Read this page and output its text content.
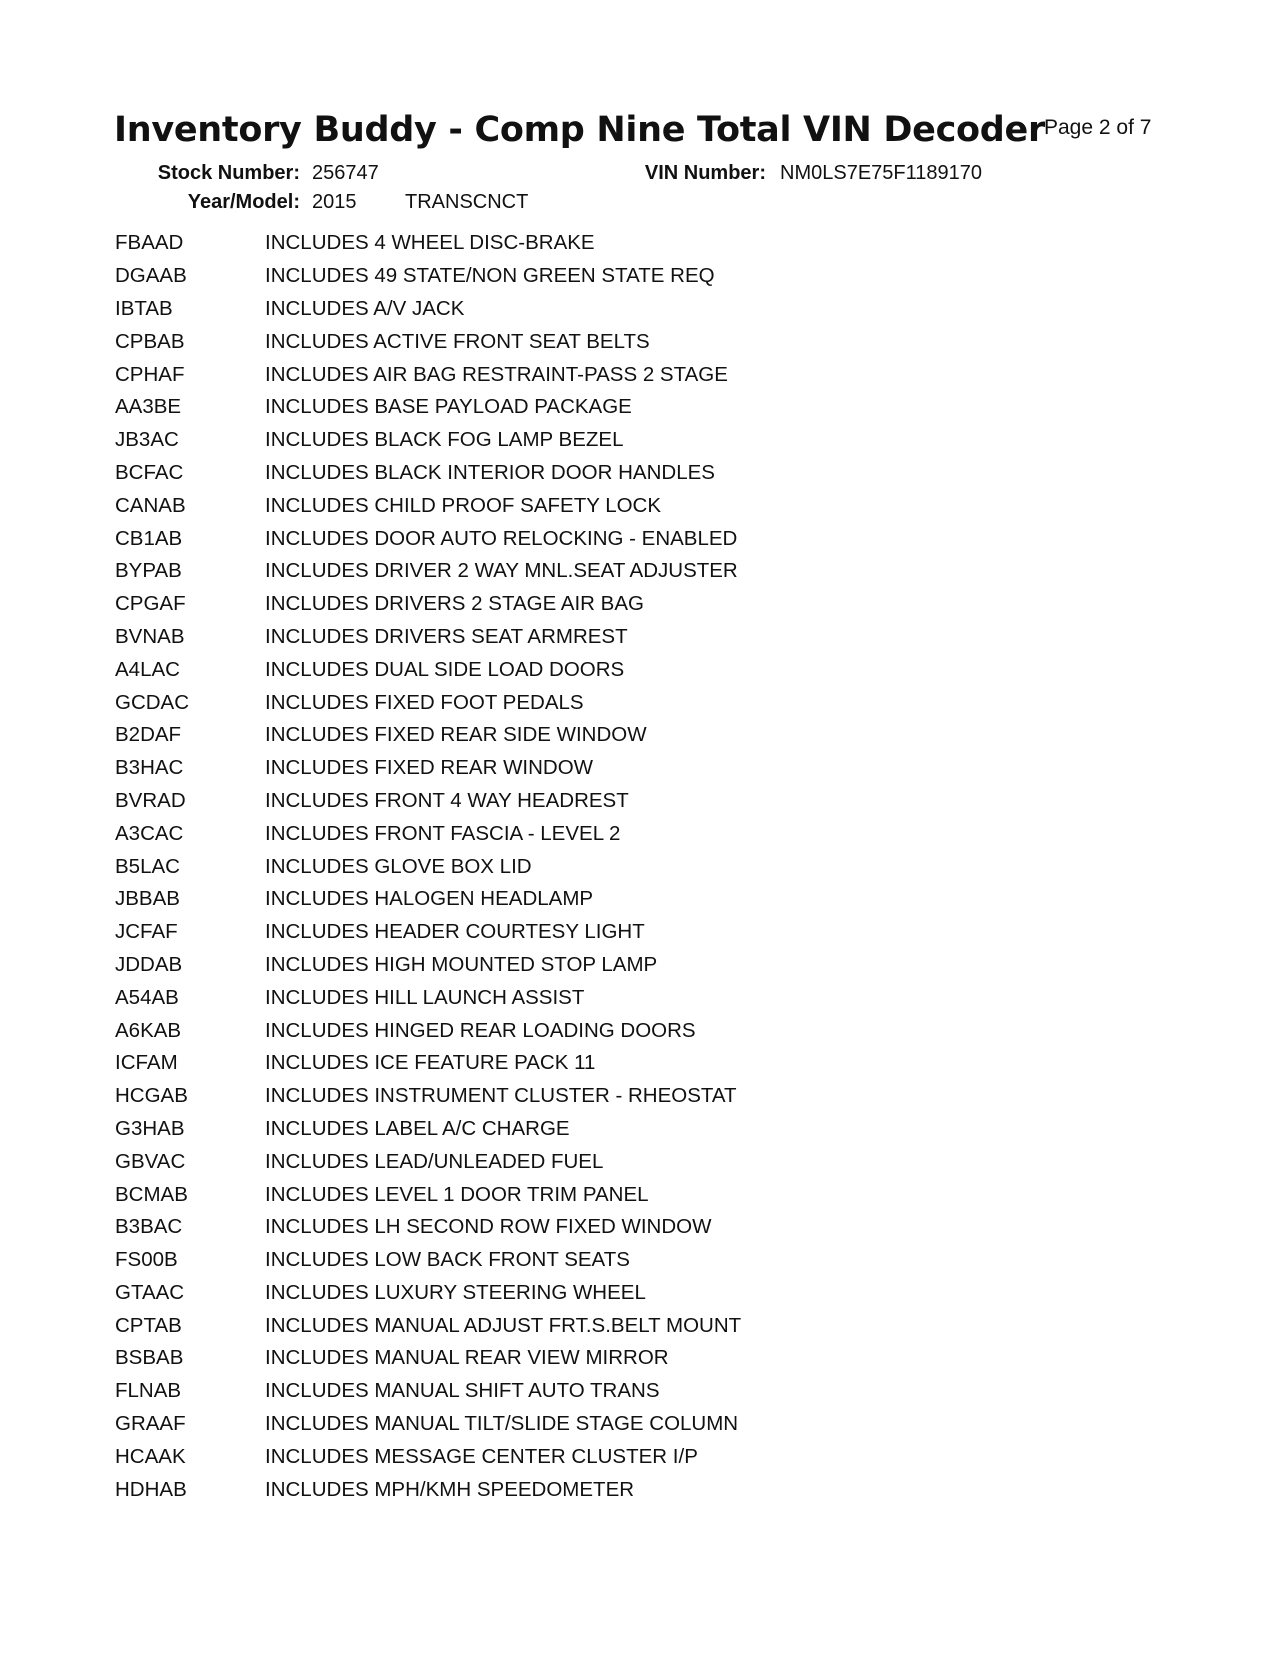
Inventory Buddy - Comp Nine Total VIN Decoder Page 2 of 7
Stock Number: 256747
Year/Model: 2015 TRANSCNCT
VIN Number: NM0LS7E75F1189170
FBAAD	INCLUDES 4 WHEEL DISC-BRAKE
DGAAB	INCLUDES 49 STATE/NON GREEN STATE REQ
IBTAB	INCLUDES A/V JACK
CPBAB	INCLUDES ACTIVE FRONT SEAT BELTS
CPHAF	INCLUDES AIR BAG RESTRAINT-PASS 2 STAGE
AA3BE	INCLUDES BASE PAYLOAD PACKAGE
JB3AC	INCLUDES BLACK FOG LAMP BEZEL
BCFAC	INCLUDES BLACK INTERIOR DOOR HANDLES
CANAB	INCLUDES CHILD PROOF SAFETY LOCK
CB1AB	INCLUDES DOOR AUTO RELOCKING - ENABLED
BYPAB	INCLUDES DRIVER 2 WAY MNL.SEAT ADJUSTER
CPGAF	INCLUDES DRIVERS 2 STAGE AIR BAG
BVNAB	INCLUDES DRIVERS SEAT ARMREST
A4LAC	INCLUDES DUAL SIDE LOAD DOORS
GCDAC	INCLUDES FIXED FOOT PEDALS
B2DAF	INCLUDES FIXED REAR SIDE WINDOW
B3HAC	INCLUDES FIXED REAR WINDOW
BVRAD	INCLUDES FRONT 4 WAY HEADREST
A3CAC	INCLUDES FRONT FASCIA - LEVEL 2
B5LAC	INCLUDES GLOVE BOX LID
JBBAB	INCLUDES HALOGEN HEADLAMP
JCFAF	INCLUDES HEADER COURTESY LIGHT
JDDAB	INCLUDES HIGH MOUNTED STOP LAMP
A54AB	INCLUDES HILL LAUNCH ASSIST
A6KAB	INCLUDES HINGED REAR LOADING DOORS
ICFAM	INCLUDES ICE FEATURE PACK 11
HCGAB	INCLUDES INSTRUMENT CLUSTER - RHEOSTAT
G3HAB	INCLUDES LABEL A/C CHARGE
GBVAC	INCLUDES LEAD/UNLEADED FUEL
BCMAB	INCLUDES LEVEL 1 DOOR TRIM PANEL
B3BAC	INCLUDES LH SECOND ROW FIXED WINDOW
FS00B	INCLUDES LOW BACK FRONT SEATS
GTAAC	INCLUDES LUXURY STEERING WHEEL
CPTAB	INCLUDES MANUAL ADJUST FRT.S.BELT MOUNT
BSBAB	INCLUDES MANUAL REAR VIEW MIRROR
FLNAB	INCLUDES MANUAL SHIFT AUTO TRANS
GRAAF	INCLUDES MANUAL TILT/SLIDE STAGE COLUMN
HCAAK	INCLUDES MESSAGE CENTER CLUSTER I/P
HDHAB	INCLUDES MPH/KMH SPEEDOMETER
